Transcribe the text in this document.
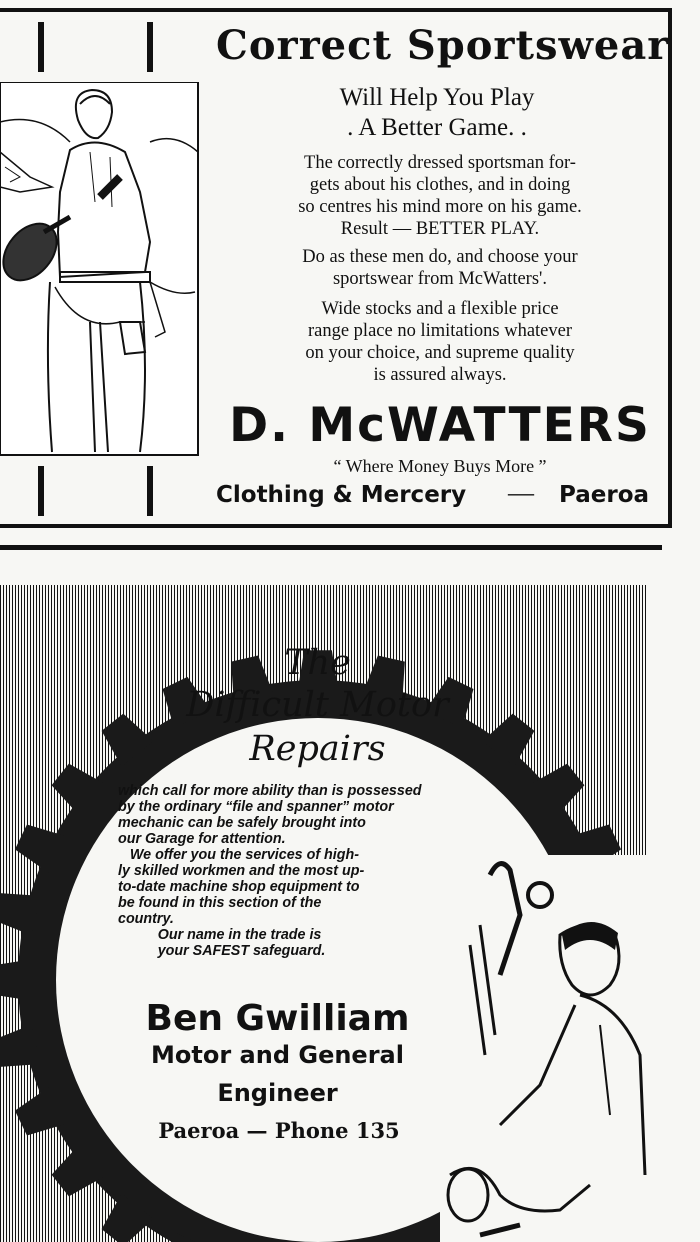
Correct Sportswear
Will Help You Play
. A Better Game. .
The correctly dressed sportsman for-
gets about his clothes, and in doing
so centres his mind more on his game.
Result — BETTER PLAY.
Do as these men do, and choose your
sportswear from McWatters'.
Wide stocks and a flexible price
range place no limitations whatever
on your choice, and supreme quality
is assured always.
D. McWATTERS
“ Where Money Buys More ”
Clothing & Mercery — Paeroa
The
Difficult Motor
Repairs
which call for more ability than is possessed
by the ordinary “file and spanner” motor
mechanic can be safely brought into
our Garage for attention.
We offer you the services of high-
ly skilled workmen and the most up-
to-date machine shop equipment to
be found in this section of the
country.
Our name in the trade is
your SAFEST safeguard.
Ben Gwilliam
Motor and General
Engineer
Paeroa — Phone 135
